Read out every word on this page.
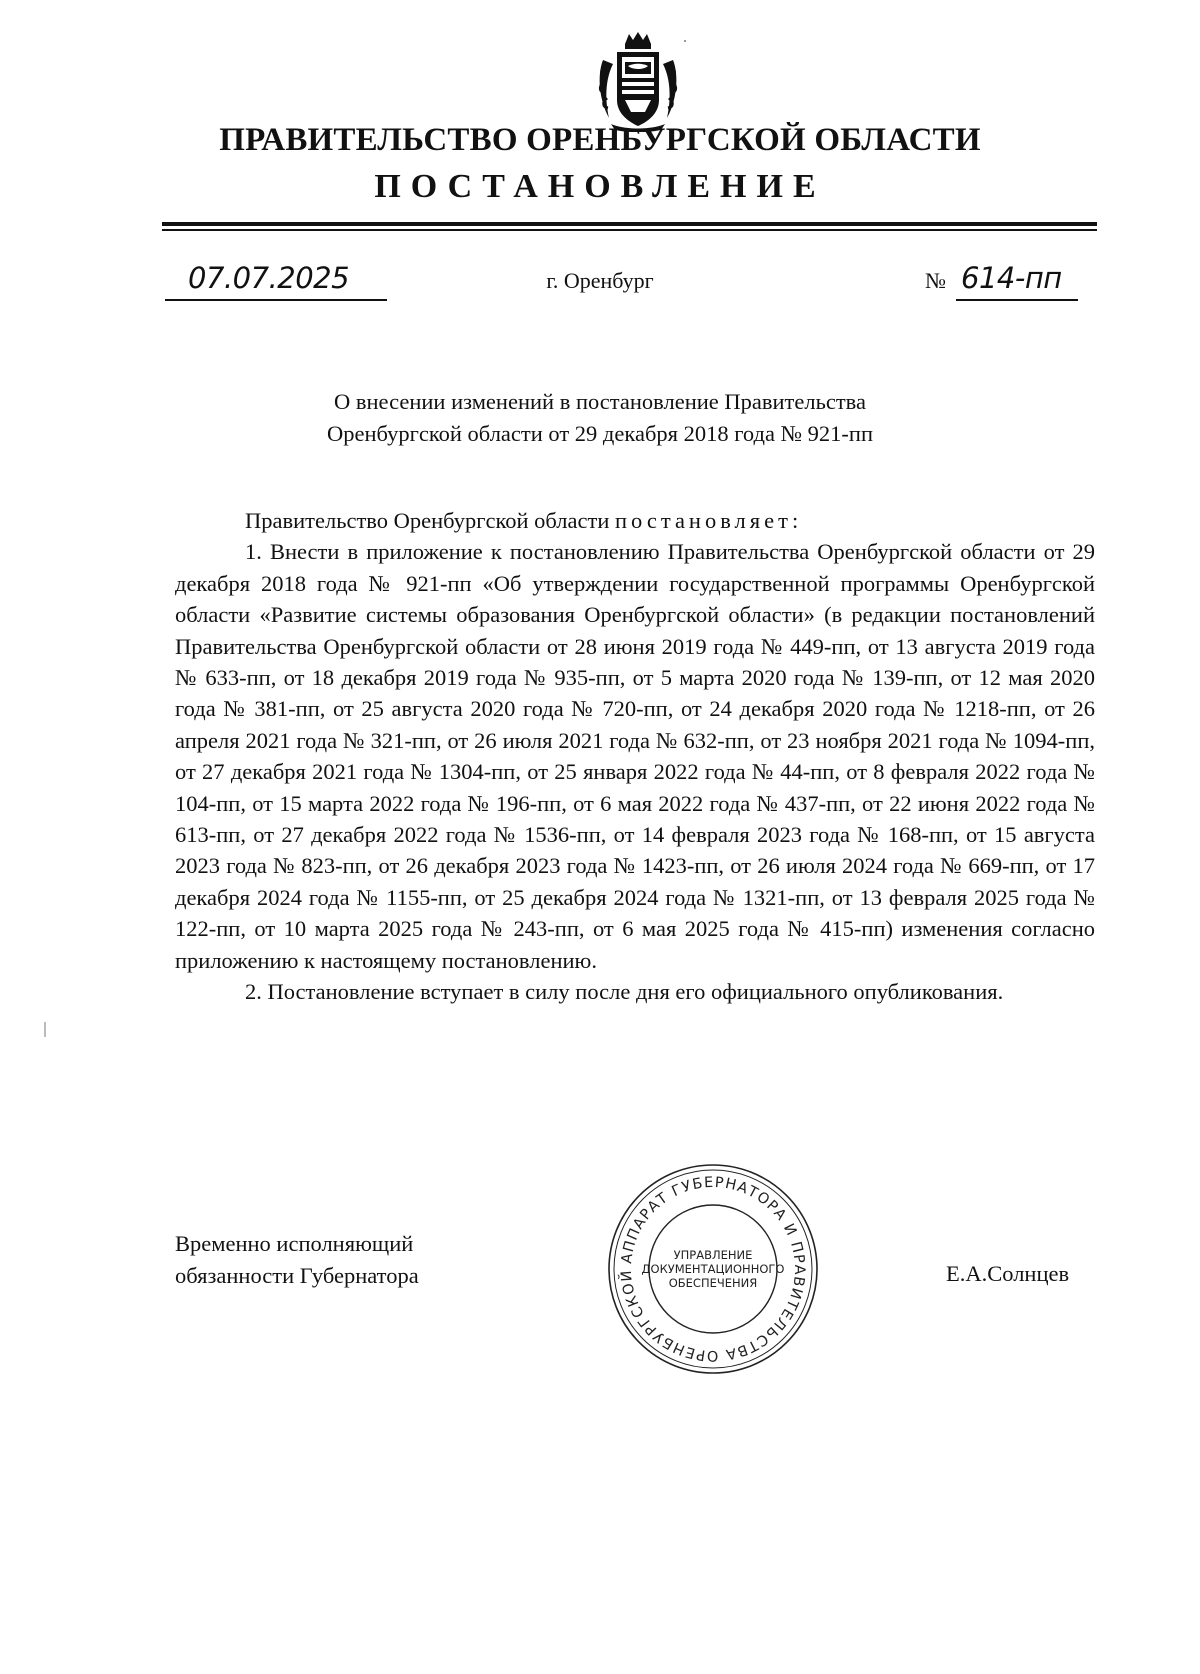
ПРАВИТЕЛЬСТВО ОРЕНБУРГСКОЙ ОБЛАСТИ
ПОСТАНОВЛЕНИЕ
07.07.2025	г. Оренбург	№ 614-пп
О внесении изменений в постановление Правительства
Оренбургской области от 29 декабря 2018 года № 921-пп

Правительство Оренбургской области постановляет:

1. Внести в приложение к постановлению Правительства Оренбургской области от 29 декабря 2018 года № 921-пп «Об утверждении государственной программы Оренбургской области «Развитие системы образования Оренбургской области» (в редакции постановлений Правительства Оренбургской области от 28 июня 2019 года № 449-пп, от 13 августа 2019 года № 633-пп, от 18 декабря 2019 года № 935-пп, от 5 марта 2020 года № 139-пп, от 12 мая 2020 года № 381-пп, от 25 августа 2020 года № 720-пп, от 24 декабря 2020 года № 1218-пп, от 26 апреля 2021 года № 321-пп, от 26 июля 2021 года № 632-пп, от 23 ноября 2021 года № 1094-пп, от 27 декабря 2021 года № 1304-пп, от 25 января 2022 года № 44-пп, от 8 февраля 2022 года № 104-пп, от 15 марта 2022 года № 196-пп, от 6 мая 2022 года № 437-пп, от 22 июня 2022 года № 613-пп, от 27 декабря 2022 года № 1536-пп, от 14 февраля 2023 года № 168-пп, от 15 августа 2023 года № 823-пп, от 26 декабря 2023 года № 1423-пп, от 26 июля 2024 года № 669-пп, от 17 декабря 2024 года № 1155-пп, от 25 декабря 2024 года № 1321-пп, от 13 февраля 2025 года № 122-пп, от 10 марта 2025 года № 243-пп, от 6 мая 2025 года № 415-пп) изменения согласно приложению к настоящему постановлению.

2. Постановление вступает в силу после дня его официального опубликования.

Временно исполняющий
обязанности Губернатора	Е.А.Солнцев
АППАРАТ ГУБЕРНАТОРА И ПРАВИТЕЛЬСТВА ОРЕНБУРГСКОЙ
УПРАВЛЕНИЕ
ДОКУМЕНТАЦИОННОГО
ОБЕСПЕЧЕНИЯ
